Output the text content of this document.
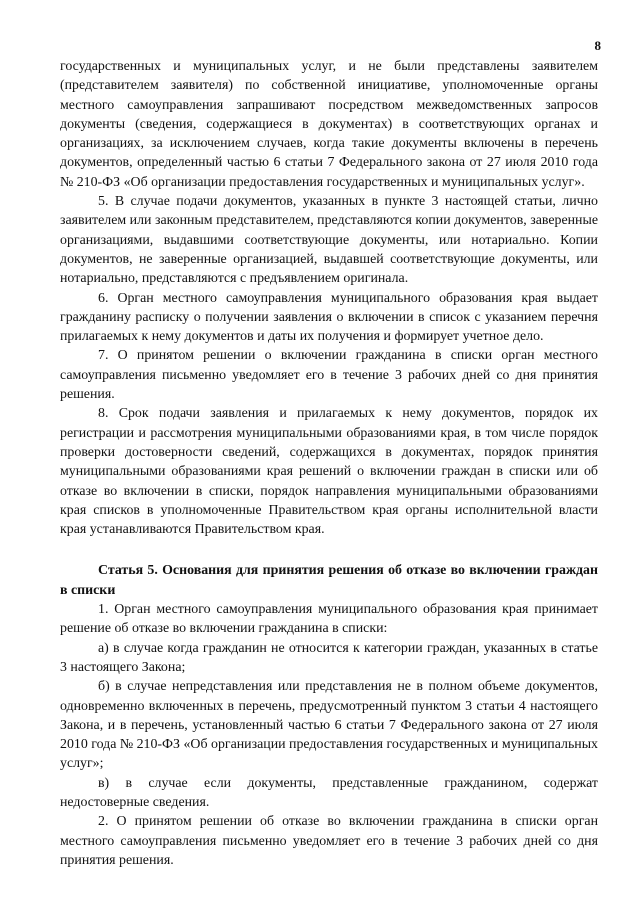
8

государственных и муниципальных услуг, и не были представлены заявителем (представителем заявителя) по собственной инициативе, уполномоченные органы местного самоуправления запрашивают посредством межведомственных запросов документы (сведения, содержащиеся в документах) в соответствующих органах и организациях, за исключением случаев, когда такие документы включены в перечень документов, определенный частью 6 статьи 7 Федерального закона от 27 июля 2010 года № 210-ФЗ «Об организации предоставления государственных и муниципальных услуг».

5. В случае подачи документов, указанных в пункте 3 настоящей статьи, лично заявителем или законным представителем, представляются копии документов, заверенные организациями, выдавшими соответствующие документы, или нотариально. Копии документов, не заверенные организацией, выдавшей соответствующие документы, или нотариально, представляются с предъявлением оригинала.

6. Орган местного самоуправления муниципального образования края выдает гражданину расписку о получении заявления о включении в список с указанием перечня прилагаемых к нему документов и даты их получения и формирует учетное дело.

7. О принятом решении о включении гражданина в списки орган местного самоуправления письменно уведомляет его в течение 3 рабочих дней со дня принятия решения.

8. Срок подачи заявления и прилагаемых к нему документов, порядок их регистрации и рассмотрения муниципальными образованиями края, в том числе порядок проверки достоверности сведений, содержащихся в документах, порядок принятия муниципальными образованиями края решений о включении граждан в списки или об отказе во включении в списки, порядок направления муниципальными образованиями края списков в уполномоченные Правительством края органы исполнительной власти края устанавливаются Правительством края.

Статья 5. Основания для принятия решения об отказе во включении граждан в списки

1. Орган местного самоуправления муниципального образования края принимает решение об отказе во включении гражданина в списки:

а) в случае когда гражданин не относится к категории граждан, указанных в статье 3 настоящего Закона;

б) в случае непредставления или представления не в полном объеме документов, одновременно включенных в перечень, предусмотренный пунктом 3 статьи 4 настоящего Закона, и в перечень, установленный частью 6 статьи 7 Федерального закона от 27 июля 2010 года № 210-ФЗ «Об организации предоставления государственных и муниципальных услуг»;

в) в случае если документы, представленные гражданином, содержат недостоверные сведения.

2. О принятом решении об отказе во включении гражданина в списки орган местного самоуправления письменно уведомляет его в течение 3 рабочих дней со дня принятия решения.
